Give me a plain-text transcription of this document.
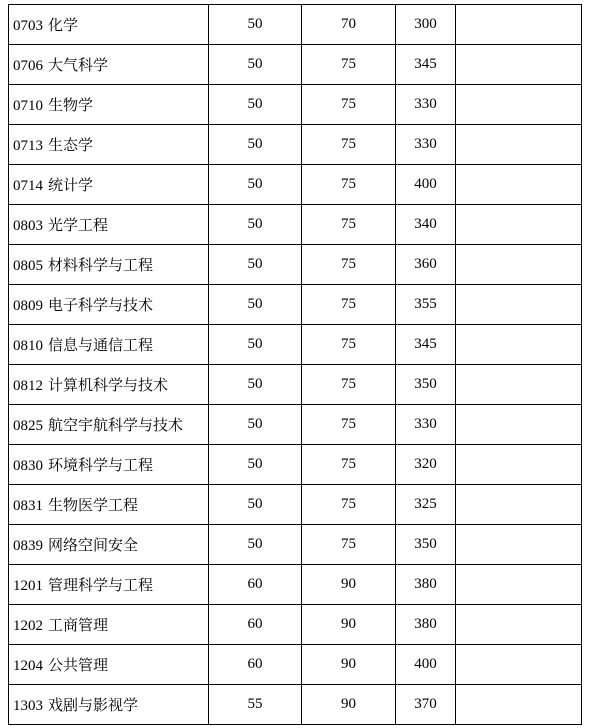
0703 化学	50	70	300	
0706 大气科学	50	75	345	
0710 生物学	50	75	330	
0713 生态学	50	75	330	
0714 统计学	50	75	400	
0803 光学工程	50	75	340	
0805 材料科学与工程	50	75	360	
0809 电子科学与技术	50	75	355	
0810 信息与通信工程	50	75	345	
0812 计算机科学与技术	50	75	350	
0825 航空宇航科学与技术	50	75	330	
0830 环境科学与工程	50	75	320	
0831 生物医学工程	50	75	325	
0839 网络空间安全	50	75	350	
1201 管理科学与工程	60	90	380	
1202 工商管理	60	90	380	
1204 公共管理	60	90	400	
1303 戏剧与影视学	55	90	370	
